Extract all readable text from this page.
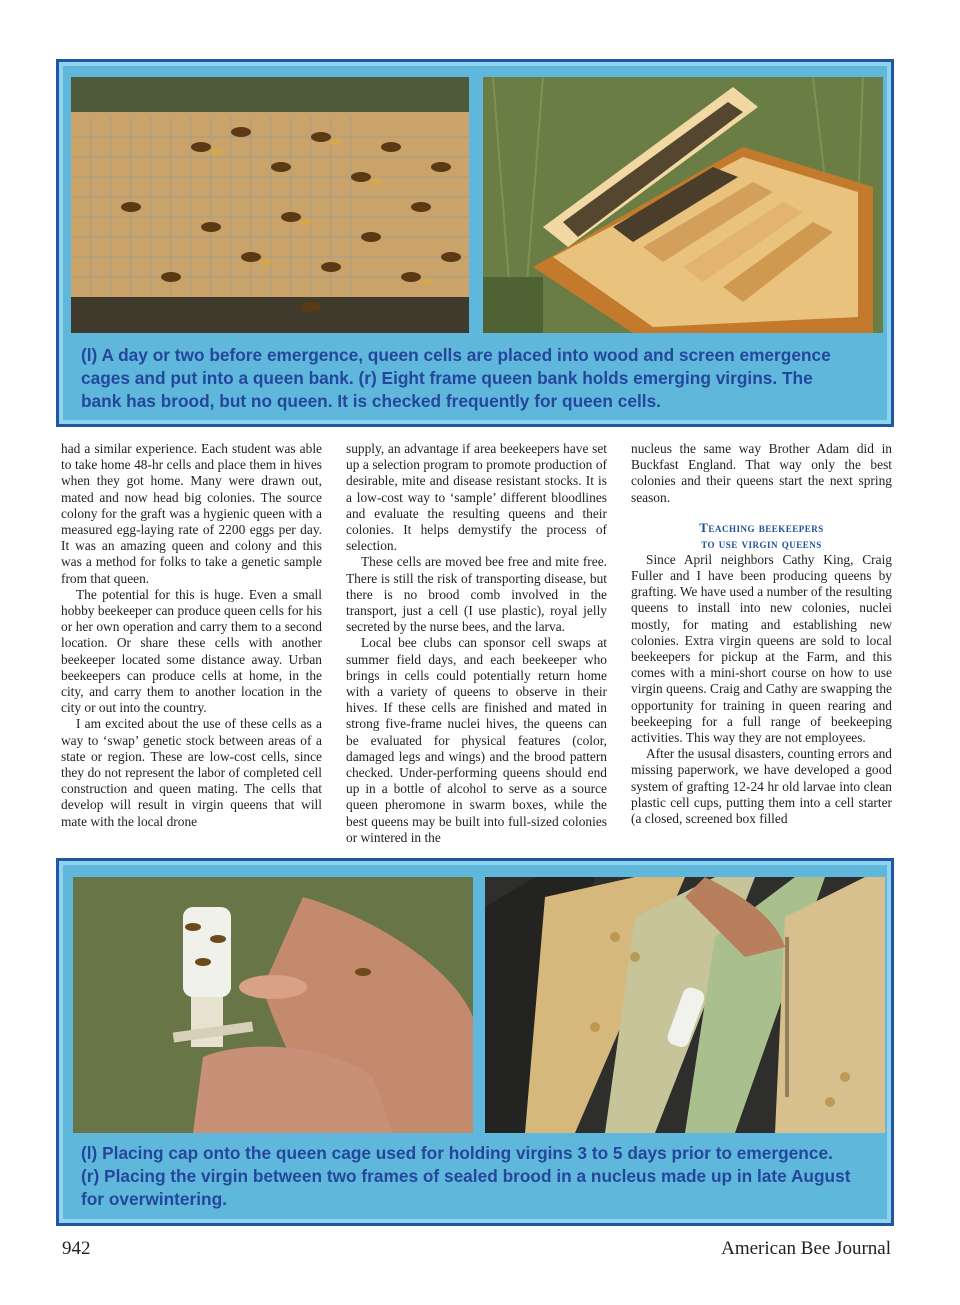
(l) A day or two before emergence, queen cells are placed into wood and screen emergence
cages and put into a queen bank. (r) Eight frame queen bank holds emerging virgins. The
bank has brood, but no queen. It is checked frequently for queen cells.

had a similar experience. Each student was able to take home 48-hr cells and place them in hives when they got home. Many were drawn out, mated and now head big colonies. The source colony for the graft was a hygienic queen with a measured egg-laying rate of 2200 eggs per day. It was an amazing queen and colony and this was a method for folks to take a genetic sample from that queen.

The potential for this is huge. Even a small hobby beekeeper can produce queen cells for his or her own operation and carry them to a second location. Or share these cells with another beekeeper located some distance away. Urban beekeepers can produce cells at home, in the city, and carry them to another location in the city or out into the country.

I am excited about the use of these cells as a way to ‘swap’ genetic stock between areas of a state or region. These are low-cost cells, since they do not represent the labor of completed cell construction and queen mating. The cells that develop will result in virgin queens that will mate with the local drone

supply, an advantage if area beekeepers have set up a selection program to promote production of desirable, mite and disease resistant stocks. It is a low-cost way to ‘sample’ different bloodlines and evaluate the resulting queens and their colonies. It helps demystify the process of selection.

These cells are moved bee free and mite free. There is still the risk of transporting disease, but there is no brood comb involved in the transport, just a cell (I use plastic), royal jelly secreted by the nurse bees, and the larva.

Local bee clubs can sponsor cell swaps at summer field days, and each beekeeper who brings in cells could potentially return home with a variety of queens to observe in their hives. If these cells are finished and mated in strong five-frame nuclei hives, the queens can be evaluated for physical features (color, damaged legs and wings) and the brood pattern checked. Under-performing queens should end up in a bottle of alcohol to serve as a source queen pheromone in swarm boxes, while the best queens may be built into full-sized colonies or wintered in the

nucleus the same way Brother Adam did in Buckfast England. That way only the best colonies and their queens start the next spring season.

Teaching beekeepers
to use virgin queens

Since April neighbors Cathy King, Craig Fuller and I have been producing queens by grafting. We have used a number of the resulting queens to install into new colonies, nuclei mostly, for mating and establishing new colonies. Extra virgin queens are sold to local beekeepers for pickup at the Farm, and this comes with a mini-short course on how to use virgin queens. Craig and Cathy are swapping the opportunity for training in queen rearing and beekeeping for a full range of beekeeping activities. This way they are not employees.

After the ususal disasters, counting errors and missing paperwork, we have developed a good system of grafting 12-24 hr old larvae into clean plastic cell cups, putting them into a cell starter (a closed, screened box filled

(l) Placing cap onto the queen cage used for holding virgins 3 to 5 days prior to emergence.
(r) Placing the virgin between two frames of sealed brood in a nucleus made up in late August
for overwintering.
942	American Bee Journal
